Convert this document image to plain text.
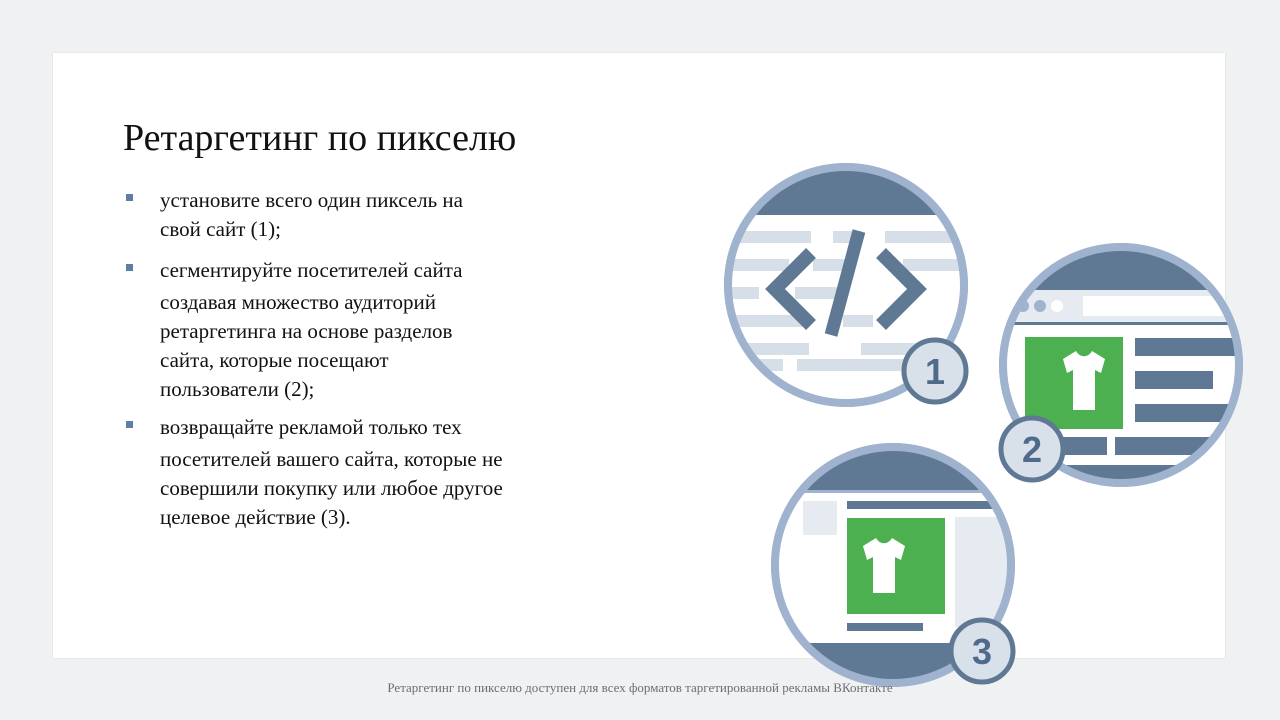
Ретаргетинг по пикселю
установите всего один пиксель на
свой сайт (1);
сегментируйте посетителей сайта
создавая множество аудиторий
ретаргетинга на основе разделов
сайта, которые посещают
пользователи (2);
возвращайте рекламой только тех
посетителей вашего сайта, которые не
совершили покупку или любое другое
целевое действие (3).
1
2
3
Ретаргетинг по пикселю доступен для всех форматов таргетированной рекламы ВКонтакте
